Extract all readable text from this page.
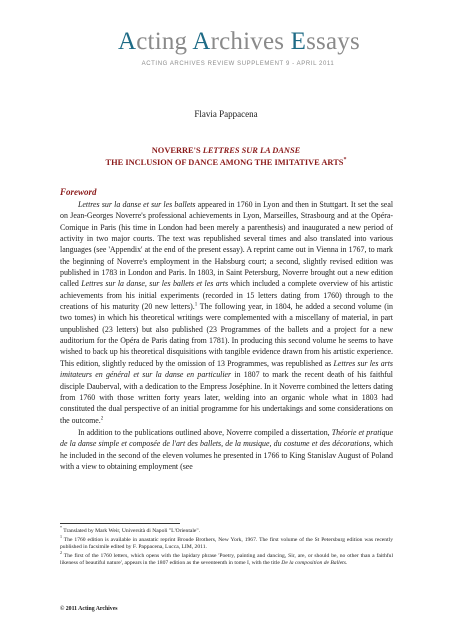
Acting Archives Essays
ACTING ARCHIVES REVIEW SUPPLEMENT 9 - APRIL 2011
Flavia Pappacena
NOVERRE'S LETTRES SUR LA DANSE
THE INCLUSION OF DANCE AMONG THE IMITATIVE ARTS*
Foreword

Lettres sur la danse et sur les ballets appeared in 1760 in Lyon and then in Stuttgart. It set the seal on Jean-Georges Noverre's professional achievements in Lyon, Marseilles, Strasbourg and at the Opéra-Comique in Paris (his time in London had been merely a parenthesis) and inaugurated a new period of activity in two major courts. The text was republished several times and also translated into various languages (see 'Appendix' at the end of the present essay). A reprint came out in Vienna in 1767, to mark the beginning of Noverre's employment in the Habsburg court; a second, slightly revised edition was published in 1783 in London and Paris. In 1803, in Saint Petersburg, Noverre brought out a new edition called Lettres sur la danse, sur les ballets et les arts which included a complete overview of his artistic achievements from his initial experiments (recorded in 15 letters dating from 1760) through to the creations of his maturity (20 new letters).$^1$ The following year, in 1804, he added a second volume (in two tomes) in which his theoretical writings were complemented with a miscellany of material, in part unpublished (23 letters) but also published (23 Programmes of the ballets and a project for a new auditorium for the Opéra de Paris dating from 1781). In producing this second volume he seems to have wished to back up his theoretical disquisitions with tangible evidence drawn from his artistic experience. This edition, slightly reduced by the omission of 13 Programmes, was republished as Lettres sur les arts imitateurs en général et sur la danse en particulier in 1807 to mark the recent death of his faithful disciple Dauberval, with a dedication to the Empress Joséphine. In it Noverre combined the letters dating from 1760 with those written forty years later, welding into an organic whole what in 1803 had constituted the dual perspective of an initial programme for his undertakings and some considerations on the outcome.$^2$

In addition to the publications outlined above, Noverre compiled a dissertation, Théorie et pratique de la danse simple et composée de l'art des ballets, de la musique, du costume et des décorations, which he included in the second of the eleven volumes he presented in 1766 to King Stanislav August of Poland with a view to obtaining employment (see

* Translated by Mark Weir, Università di Napoli "L'Orientale".

$^1$ The 1760 edition is available in anastatic reprint Broude Brothers, New York, 1967. The first volume of the St Petersburg edition was recently published in facsimile edited by F. Pappacena, Lucca, LIM, 2011.

$^2$ The first of the 1760 letters, which opens with the lapidary phrase 'Poetry, painting and dancing, Sir, are, or should be, no other than a faithful likeness of beautiful nature', appears in the 1807 edition as the seventeenth in tome I, with the title De la composition de Ballets.

© 2011 Acting Archives
